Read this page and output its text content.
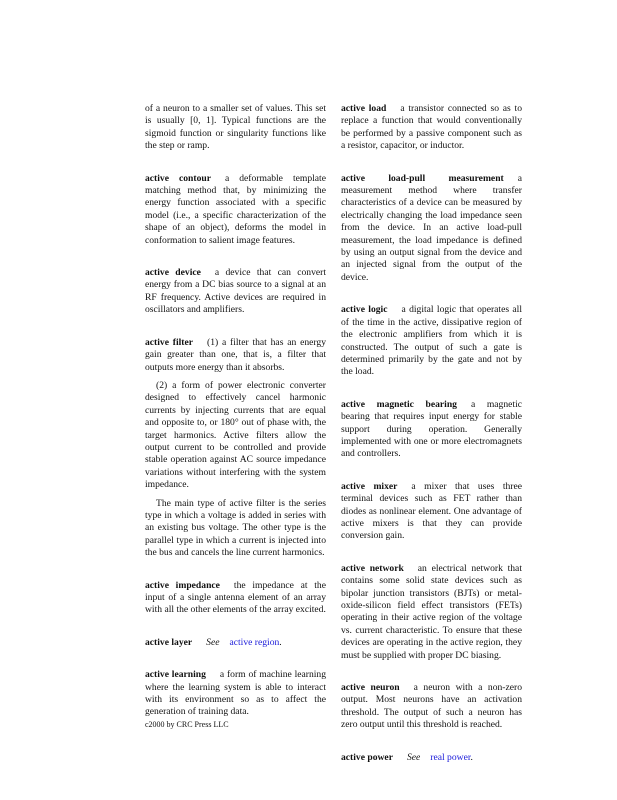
of a neuron to a smaller set of values. This set is usually [0, 1]. Typical functions are the sigmoid function or singularity functions like the step or ramp.

active contour a deformable template matching method that, by minimizing the energy function associated with a specific model (i.e., a specific characterization of the shape of an object), deforms the model in conformation to salient image features.

active device a device that can convert energy from a DC bias source to a signal at an RF frequency. Active devices are required in oscillators and amplifiers.

active filter (1) a filter that has an energy gain greater than one, that is, a filter that outputs more energy than it absorbs.

(2) a form of power electronic converter designed to effectively cancel harmonic currents by injecting currents that are equal and opposite to, or 180° out of phase with, the target harmonics. Active filters allow the output current to be controlled and provide stable operation against AC source impedance variations without interfering with the system impedance.

The main type of active filter is the series type in which a voltage is added in series with an existing bus voltage. The other type is the parallel type in which a current is injected into the bus and cancels the line current harmonics.

active impedance the impedance at the input of a single antenna element of an array with all the other elements of the array excited.

active layer See active region.

active learning a form of machine learning where the learning system is able to interact with its environment so as to affect the generation of training data.

active load a transistor connected so as to replace a function that would conventionally be performed by a passive component such as a resistor, capacitor, or inductor.

active load-pull measurement a measurement method where transfer characteristics of a device can be measured by electrically changing the load impedance seen from the device. In an active load-pull measurement, the load impedance is defined by using an output signal from the device and an injected signal from the output of the device.

active logic a digital logic that operates all of the time in the active, dissipative region of the electronic amplifiers from which it is constructed. The output of such a gate is determined primarily by the gate and not by the load.

active magnetic bearing a magnetic bearing that requires input energy for stable support during operation. Generally implemented with one or more electromagnets and controllers.

active mixer a mixer that uses three terminal devices such as FET rather than diodes as nonlinear element. One advantage of active mixers is that they can provide conversion gain.

active network an electrical network that contains some solid state devices such as bipolar junction transistors (BJTs) or metal-oxide-silicon field effect transistors (FETs) operating in their active region of the voltage vs. current characteristic. To ensure that these devices are operating in the active region, they must be supplied with proper DC biasing.

active neuron a neuron with a non-zero output. Most neurons have an activation threshold. The output of such a neuron has zero output until this threshold is reached.

active power See real power.

c2000 by CRC Press LLC
